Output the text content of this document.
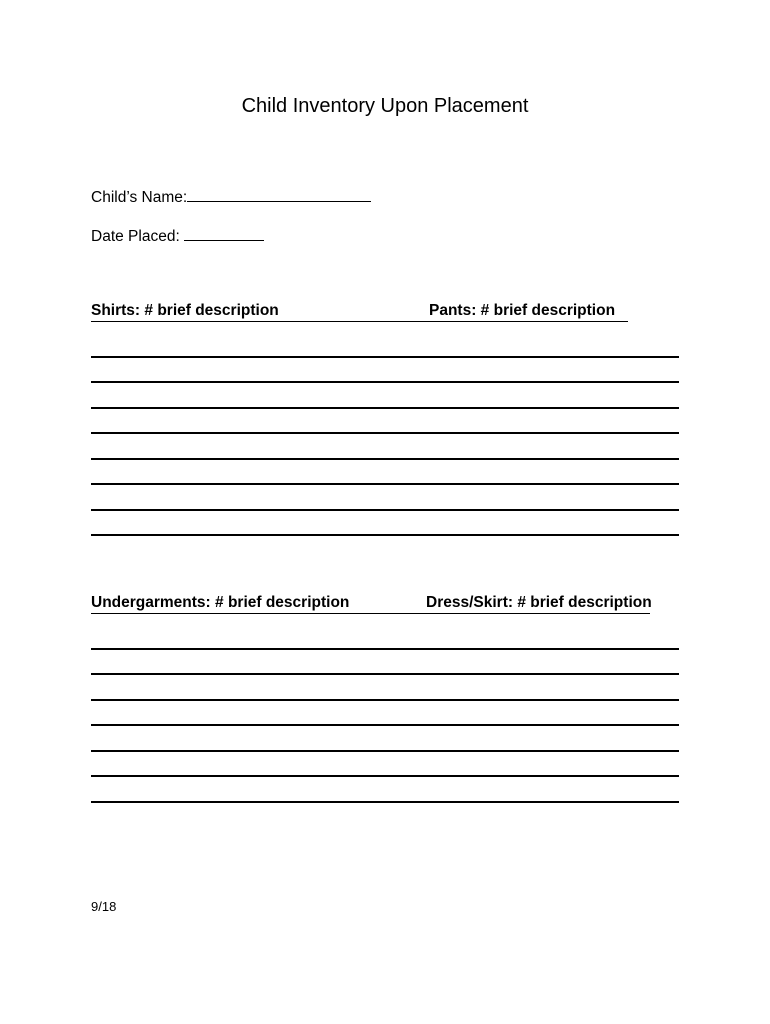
Child Inventory Upon Placement
Child’s Name:
Date Placed:
Shirts: # brief description	Pants: # brief description
Undergarments: # brief description	Dress/Skirt: # brief description
9/18
